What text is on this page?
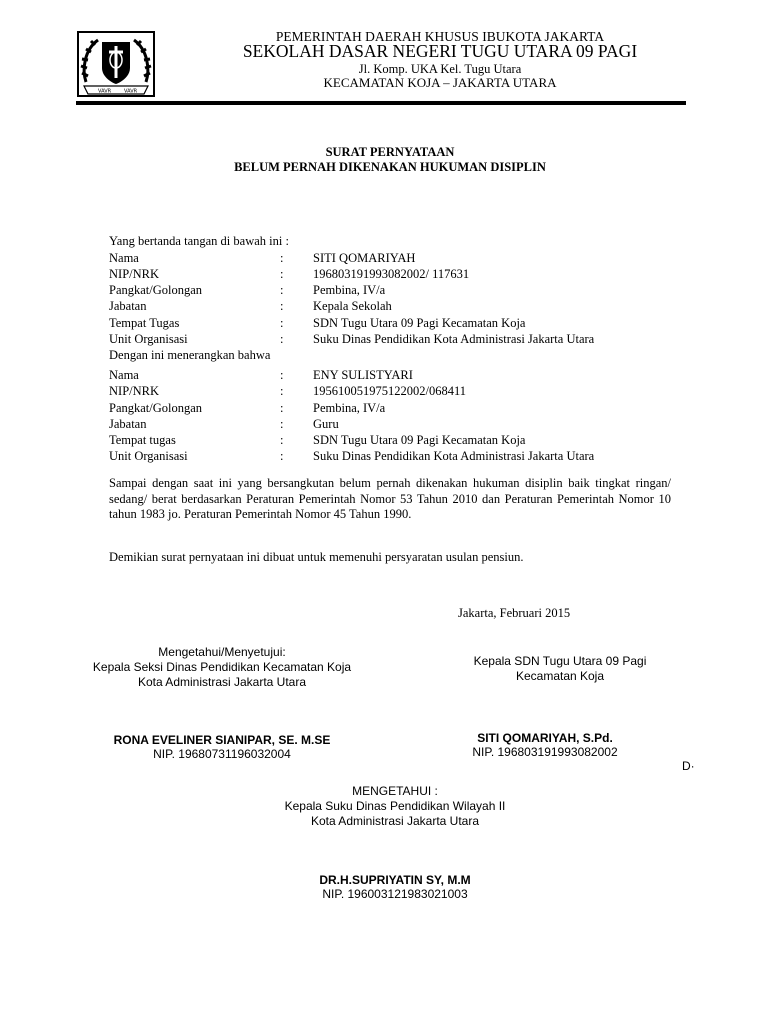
VAVR	VAVR
PEMERINTAH DAERAH KHUSUS IBUKOTA JAKARTA
SEKOLAH DASAR NEGERI TUGU UTARA 09 PAGI
Jl. Komp. UKA Kel. Tugu Utara
KECAMATAN KOJA – JAKARTA UTARA
SURAT PERNYATAAN
BELUM PERNAH DIKENAKAN HUKUMAN DISIPLIN
Yang bertanda tangan di bawah ini :
Nama	: SITI QOMARIYAH
NIP/NRK	: 196803191993082002/ 117631
Pangkat/Golongan	: Pembina, IV/a
Jabatan	: Kepala Sekolah
Tempat Tugas	: SDN Tugu Utara 09 Pagi Kecamatan Koja
Unit Organisasi	: Suku Dinas Pendidikan Kota Administrasi Jakarta Utara
Dengan ini menerangkan bahwa
Nama	: ENY SULISTYARI
NIP/NRK	: 195610051975122002/068411
Pangkat/Golongan	: Pembina, IV/a
Jabatan	: Guru
Tempat tugas	: SDN Tugu Utara 09 Pagi Kecamatan Koja
Unit Organisasi	: Suku Dinas Pendidikan Kota Administrasi Jakarta Utara
Sampai dengan saat ini yang bersangkutan belum pernah dikenakan hukuman disiplin baik tingkat ringan/ sedang/ berat berdasarkan Peraturan Pemerintah Nomor 53 Tahun 2010 dan Peraturan Pemerintah Nomor 10 tahun 1983 jo. Peraturan Pemerintah Nomor 45 Tahun 1990.
Demikian surat pernyataan ini dibuat untuk memenuhi persyaratan usulan pensiun.
Jakarta, Februari 2015
Mengetahui/Menyetujui:
Kepala Seksi Dinas Pendidikan Kecamatan Koja
Kota Administrasi Jakarta Utara
RONA EVELINER SIANIPAR, SE. M.SE
NIP. 19680731196032004
Kepala SDN Tugu Utara 09 Pagi
Kecamatan Koja
SITI QOMARIYAH, S.Pd.
NIP. 196803191993082002
D·
MENGETAHUI :
Kepala Suku Dinas Pendidikan Wilayah II
Kota Administrasi Jakarta Utara
DR.H.SUPRIYATIN SY, M.M
NIP. 196003121983021003
